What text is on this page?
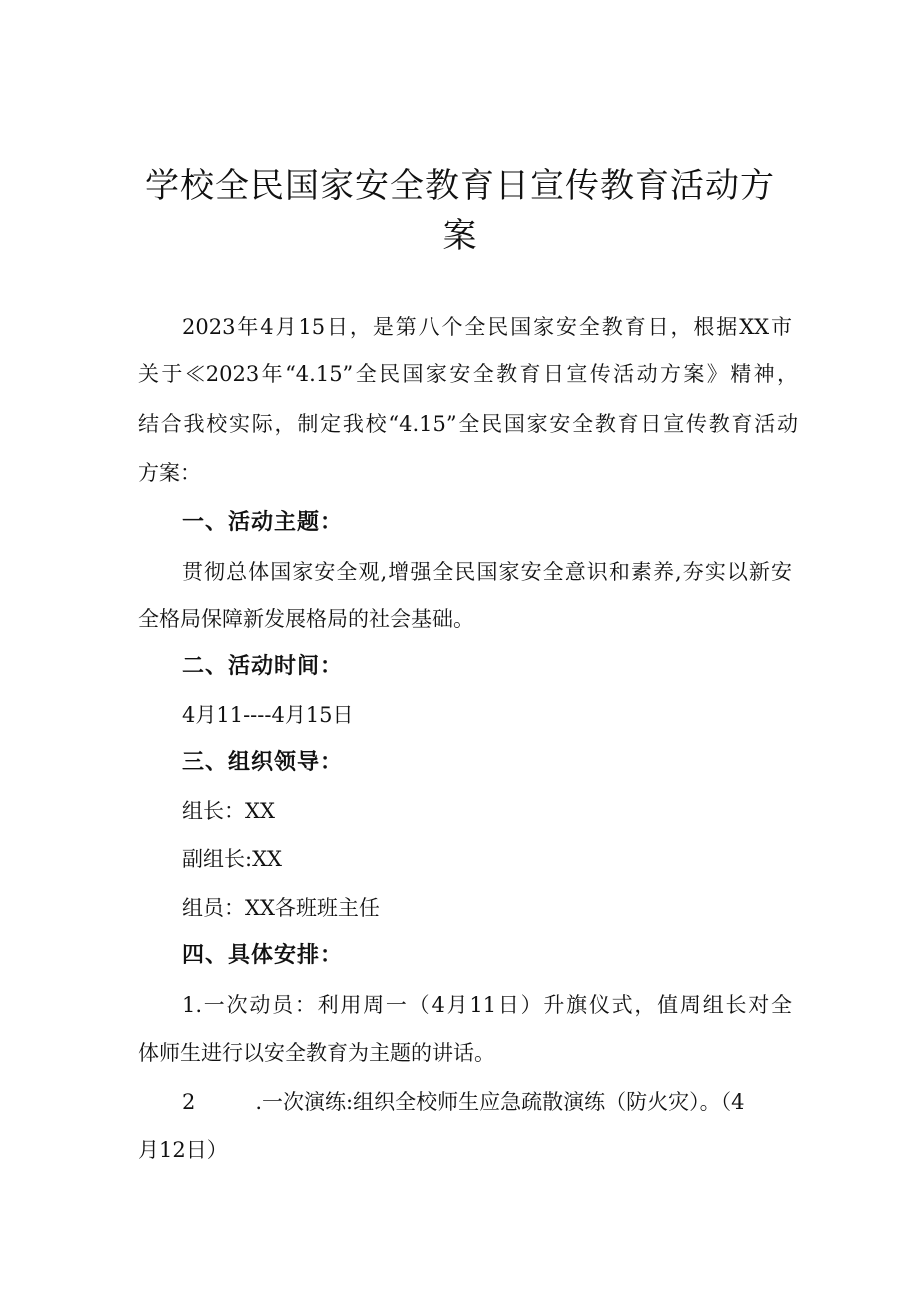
学校全民国家安全教育日宣传教育活动方
案

2023年4月15日，是第八个全民国家安全教育日，根据XX市

关于≪2023年“4.15”全民国家安全教育日宣传活动方案》精神，

结合我校实际，制定我校“4.15”全民国家安全教育日宣传教育活动

方案：

一、活动主题：

贯彻总体国家安全观,增强全民国家安全意识和素养,夯实以新安

全格局保障新发展格局的社会基础。

二、活动时间：

4月11----4月15日

三、组织领导：

组长：XX

副组长:XX

组员：XX各班班主任

四、具体安排：

1.一次动员：利用周一（4月11日）升旗仪式，值周组长对全

体师生进行以安全教育为主题的讲话。

2	.一次演练:组织全校师生应急疏散演练（防火灾）。（4

月12日）
